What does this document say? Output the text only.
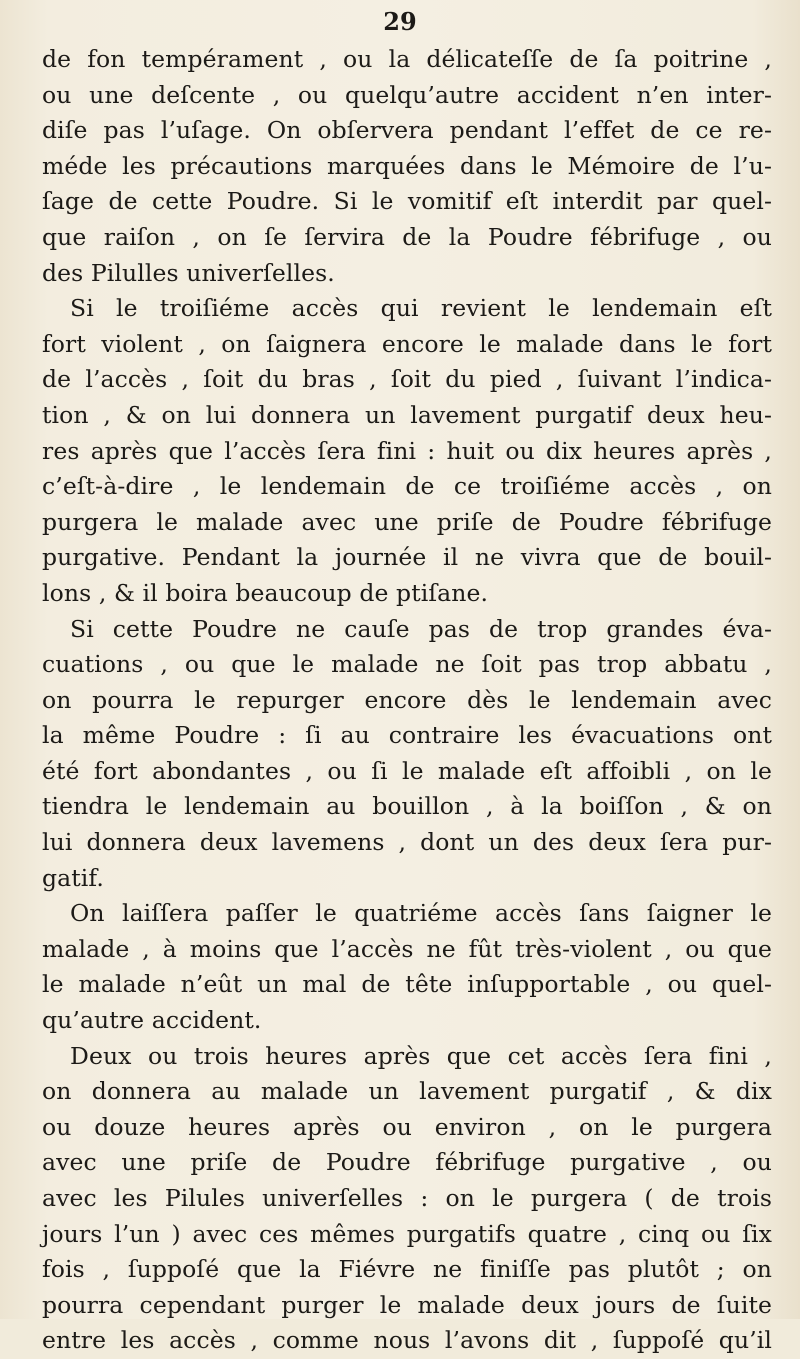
29
de fon tempérament , ou la délicateſſe de ſa poitrine ,
ou une deſcente , ou quelqu’autre accident n’en inter-
diſe pas l’uſage. On obſervera pendant l’effet de ce re-
méde les précautions marquées dans le Mémoire de l’u-
ſage de cette Poudre. Si le vomitif eſt interdit par quel-
que raiſon , on ſe ſervira de la Poudre fébrifuge , ou
des Pilulles univerſelles.
Si le troiſiéme accès qui revient le lendemain eſt
fort violent , on ſaignera encore le malade dans le fort
de l’accès , ſoit du bras , ſoit du pied , ſuivant l’indica-
tion , & on lui donnera un lavement purgatif deux heu-
res après que l’accès ſera fini : huit ou dix heures après ,
c’eſt-à-dire , le lendemain de ce troiſiéme accès , on
purgera le malade avec une priſe de Poudre fébrifuge
purgative. Pendant la journée il ne vivra que de bouil-
lons , & il boira beaucoup de ptiſane.
Si cette Poudre ne cauſe pas de trop grandes éva-
cuations , ou que le malade ne ſoit pas trop abbatu ,
on pourra le repurger encore dès le lendemain avec
la même Poudre : ſi au contraire les évacuations ont
été fort abondantes , ou ſi le malade eſt affoibli , on le
tiendra le lendemain au bouillon , à la boiſſon , & on
lui donnera deux lavemens , dont un des deux ſera pur-
gatif.
On laiſſera paſſer le quatriéme accès ſans ſaigner le
malade , à moins que l’accès ne fût très-violent , ou que
le malade n’eût un mal de tête inſupportable , ou quel-
qu’autre accident.
Deux ou trois heures après que cet accès ſera fini ,
on donnera au malade un lavement purgatif , & dix
ou douze heures après ou environ , on le purgera
avec une priſe de Poudre fébrifuge purgative , ou
avec les Pilules univerſelles : on le purgera ( de trois
jours l’un ) avec ces mêmes purgatifs quatre , cinq ou ſix
fois , ſuppoſé que la Fiévre ne finiſſe pas plutôt ; on
pourra cependant purger le malade deux jours de ſuite
entre les accès , comme nous l’avons dit , ſuppoſé qu’il
